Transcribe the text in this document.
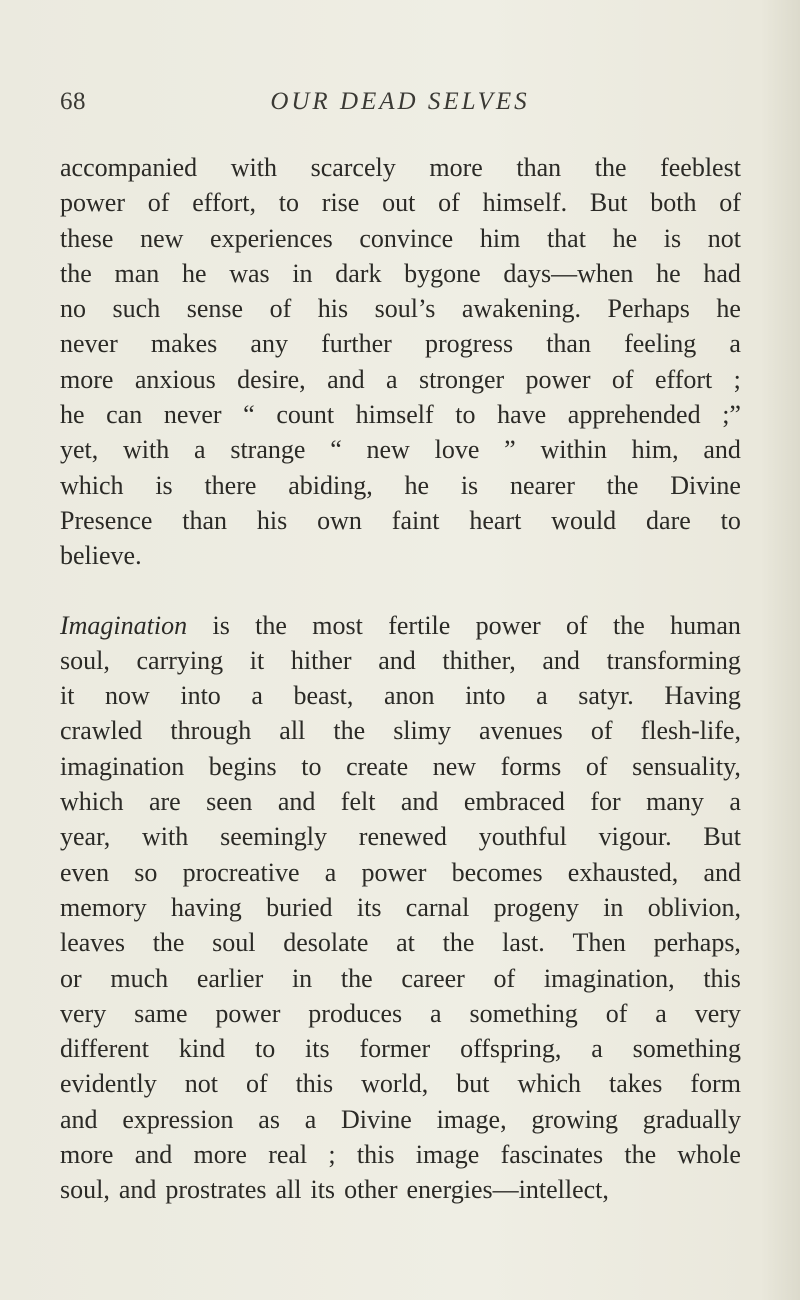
68	OUR DEAD SELVES
accompanied with scarcely more than the feeblest
power of effort, to rise out of himself. But both of
these new experiences convince him that he is not
the man he was in dark bygone days—when he had
no such sense of his soul’s awakening. Perhaps he
never makes any further progress than feeling a
more anxious desire, and a stronger power of effort ;
he can never “ count himself to have apprehended ;”
yet, with a strange “ new love ” within him, and
which is there abiding, he is nearer the Divine
Presence than his own faint heart would dare to
believe.
Imagination is the most fertile power of the human
soul, carrying it hither and thither, and transforming
it now into a beast, anon into a satyr. Having
crawled through all the slimy avenues of flesh-life,
imagination begins to create new forms of sensuality,
which are seen and felt and embraced for many a
year, with seemingly renewed youthful vigour. But
even so procreative a power becomes exhausted, and
memory having buried its carnal progeny in oblivion,
leaves the soul desolate at the last. Then perhaps,
or much earlier in the career of imagination, this
very same power produces a something of a very
different kind to its former offspring, a something
evidently not of this world, but which takes form
and expression as a Divine image, growing gradually
more and more real ; this image fascinates the whole
soul, and prostrates all its other energies—intellect,
